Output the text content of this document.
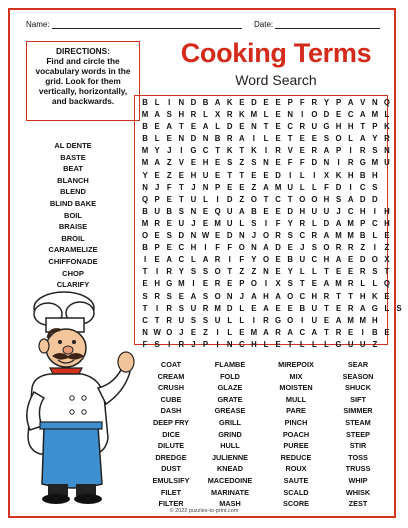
Name:	Date:
Cooking Terms
Word Search
DIRECTIONS:
Find and circle the vocabulary words in the grid. Look for them vertically, horizontally, and backwards.
AL DENTE
BASTE
BEAT
BLANCH
BLEND
BLIND BAKE
BOIL
BRAISE
BROIL
CARAMELIZE
CHIFFONADE
CHOP
CLARIFY
B L	I	N D B A K E D E E P F R Y P A V N Q
M A S H R L X R K M L E N	I	O D E C A M L
B E A T E A L D E N T E C R U G H H T P K
B L E N D N B R A	I	L E T E E S O L A Y R
M Y J	I	G C T K T K	I	R V E R A P	I	R S N
M A Z V E H E S Z S N E F F D N	I	R G M U
Y E Z E H U E T T E E D	I	L	I	X K H B H
N J F T J N P E E Z A M U L L F D	I	C S
Q P E T U L	I	D Z O T C T O O H S A D D
B U B S N E Q U A B E E D H U U J C H	I	H
M R E U J E M U L S	I	F Y R L D A M P C H
O E S D N W E D N J O R S C R A M M B L E
B P E C H	I	F F O N A D E J S O R R Z	I	Z
I	E A C L A R	I	F Y O E B U C H A E D O X
T	I	R Y S S O T Z Z N E Y L L T E E R S T
E H G M I	E R E P O	I	X S T E A M R L L Q
S R S E A S O N J A H A O C H R T T H K E
T	I	R S U R M D L E A E E B U T E R A G L S
C T R U S S U L L	I	R G O	I	U E A M M H
N W O J E Z	I	L E M A R A C A T R E	I	B E
F S	I	R J P	I	N C H L E T L L L G U U Z
COAT
CREAM
CRUSH
CUBE
DASH
DEEP FRY
DICE
DILUTE
DREDGE
DUST
EMULSIFY
FILET
FILTER
FLAMBE
FOLD
GLAZE
GRATE
GREASE
GRILL
GRIND
HULL
JULIENNE
KNEAD
MACEDOINE
MARINATE
MASH
MIREPOIX
MIX
MOISTEN
MULL
PARE
PINCH
POACH
PUREE
REDUCE
ROUX
SAUTE
SCALD
SCORE
SEAR
SEASON
SHUCK
SIFT
SIMMER
STEAM
STEEP
STIR
TOSS
TRUSS
WHIP
WHISK
ZEST
© 2022 puzzles-to-print.com
